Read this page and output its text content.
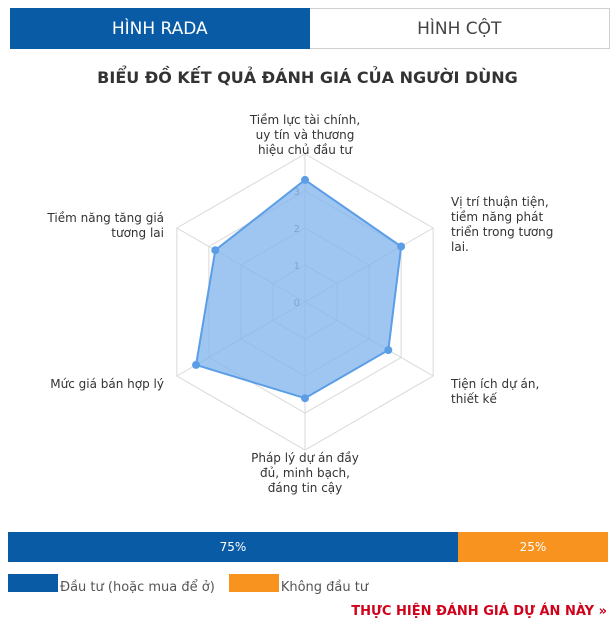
HÌNH RADA	HÌNH CỘT
BIỂU ĐỒ KẾT QUẢ ĐÁNH GIÁ CỦA NGƯỜI DÙNG
Tiềm lực tài chính, uy tín và thương hiệu chủ đầu tư
Vị trí thuận tiện, tiềm năng phát triển trong tương lai.
Tiện ích dự án, thiết kế
Pháp lý dự án đầy đủ, minh bạch, đáng tin cậy
Mức giá bán hợp lý
Tiềm năng tăng giá tương lai
75%	25%
Đầu tư (hoặc mua để ở)	Không đầu tư
THỰC HIỆN ĐÁNH GIÁ DỰ ÁN NÀY »
